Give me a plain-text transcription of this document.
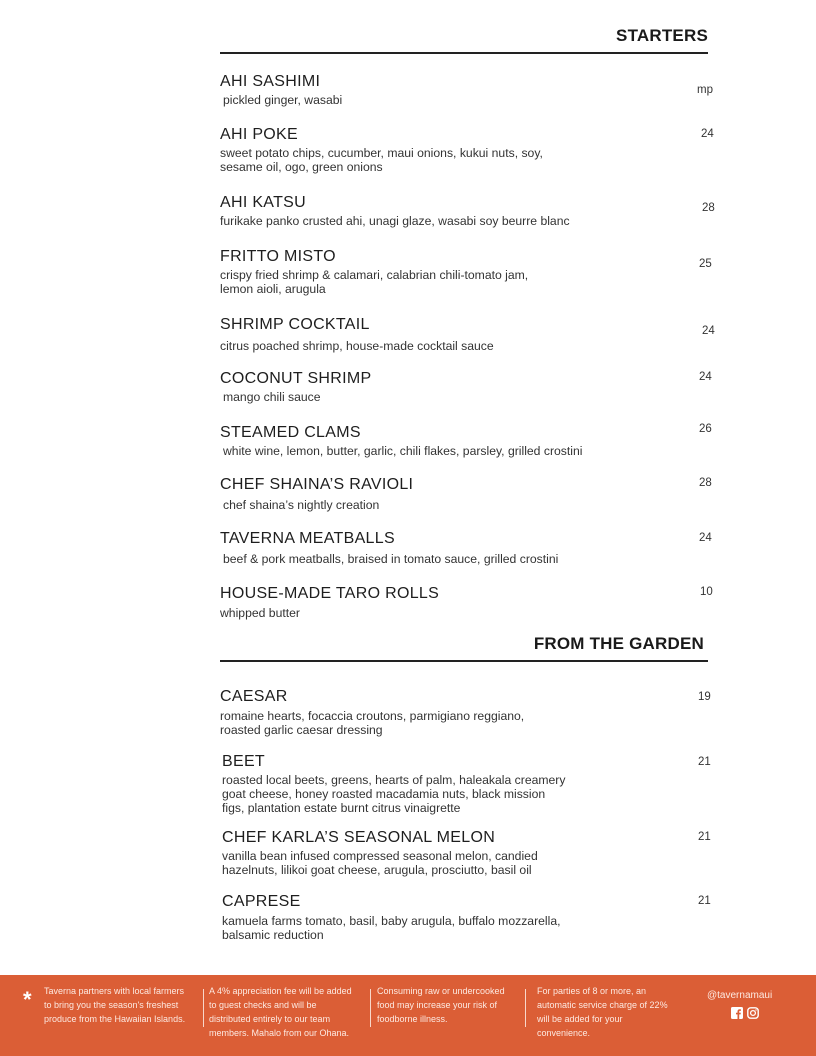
STARTERS
AHI SASHIMI
pickled ginger, wasabi
mp
AHI POKE
sweet potato chips, cucumber, maui onions, kukui nuts, soy,
sesame oil, ogo, green onions
24
AHI KATSU
furikake panko crusted ahi, unagi glaze, wasabi soy beurre blanc
28
FRITTO MISTO
crispy fried shrimp & calamari, calabrian chili-tomato jam,
lemon aioli, arugula
25
SHRIMP COCKTAIL
citrus poached shrimp, house-made cocktail sauce
24
COCONUT SHRIMP
mango chili sauce
24
STEAMED CLAMS
white wine, lemon, butter, garlic, chili flakes, parsley, grilled crostini
26
CHEF SHAINA’S RAVIOLI
chef shaina’s nightly creation
28
TAVERNA MEATBALLS
beef & pork meatballs, braised in tomato sauce, grilled crostini
24
HOUSE-MADE TARO ROLLS
whipped butter
10
FROM THE GARDEN
CAESAR
romaine hearts, focaccia croutons, parmigiano reggiano,
roasted garlic caesar dressing
19
BEET
roasted local beets, greens, hearts of palm, haleakala creamery
goat cheese, honey roasted macadamia nuts, black mission
figs, plantation estate burnt citrus vinaigrette
21
CHEF KARLA’S SEASONAL MELON
vanilla bean infused compressed seasonal melon, candied
hazelnuts, lilikoi goat cheese, arugula, prosciutto, basil oil
21
CAPRESE
kamuela farms tomato, basil, baby arugula, buffalo mozzarella,
balsamic reduction
21
* Taverna partners with local farmers
to bring you the season's freshest
produce from the Hawaiian Islands.
A 4% appreciation fee will be added
to guest checks and will be
distributed entirely to our team
members. Mahalo from our Ohana.
Consuming raw or undercooked
food may increase your risk of
foodborne illness.
For parties of 8 or more, an
automatic service charge of 22%
will be added for your
convenience.
@tavernamaui
